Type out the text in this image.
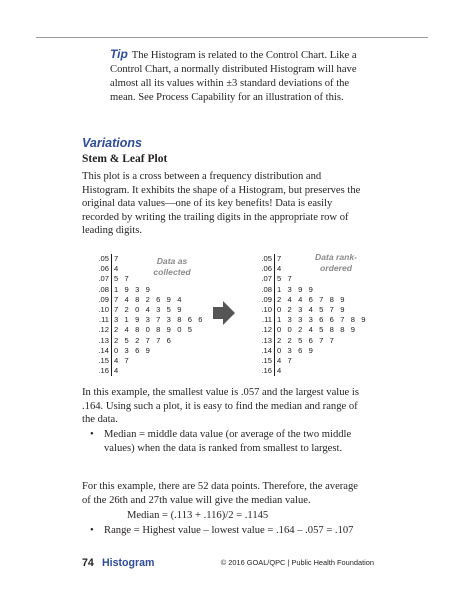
Tip The Histogram is related to the Control Chart. Like a Control Chart, a normally distributed Histogram will have almost all its values within ±3 standard deviations of the mean. See Process Capability for an illustration of this.
Variations
Stem & Leaf Plot
This plot is a cross between a frequency distribution and Histogram. It exhibits the shape of a Histogram, but preserves the original data values—one of its key benefits! Data is easily recorded by writing the trailing digits in the appropriate row of leading digits.
.05 7
.06 4
.07 5 7
.08 1 9 3 9
.09 7 4 8 2 6 9 4
.10 7 2 0 4 3 5 9
.11 3 1 9 3 7 3 8 6 6
.12 2 4 8 0 8 9 0 5
.13 2 5 2 7 7 6
.14 0 3 6 9
.15 4 7
.16 4
Data as collected
.05 7
.06 4
.07 5 7
.08 1 3 9 9
.09 2 4 4 6 7 8 9
.10 0 2 3 4 5 7 9
.11 1 3 3 3 6 6 7 8 9
.12 0 0 2 4 5 8 8 9
.13 2 2 5 6 7 7
.14 0 3 6 9
.15 4 7
.16 4
Data rank-ordered
In this example, the smallest value is .057 and the largest value is .164. Using such a plot, it is easy to find the median and range of the data.
• Median = middle data value (or average of the two middle values) when the data is ranked from smallest to largest.
For this example, there are 52 data points. Therefore, the average of the 26th and 27th value will give the median value.
Median = (.113 + .116)/2 = .1145
• Range = Highest value – lowest value = .164 – .057 = .107
74 Histogram	© 2016 GOAL/QPC | Public Health Foundation
